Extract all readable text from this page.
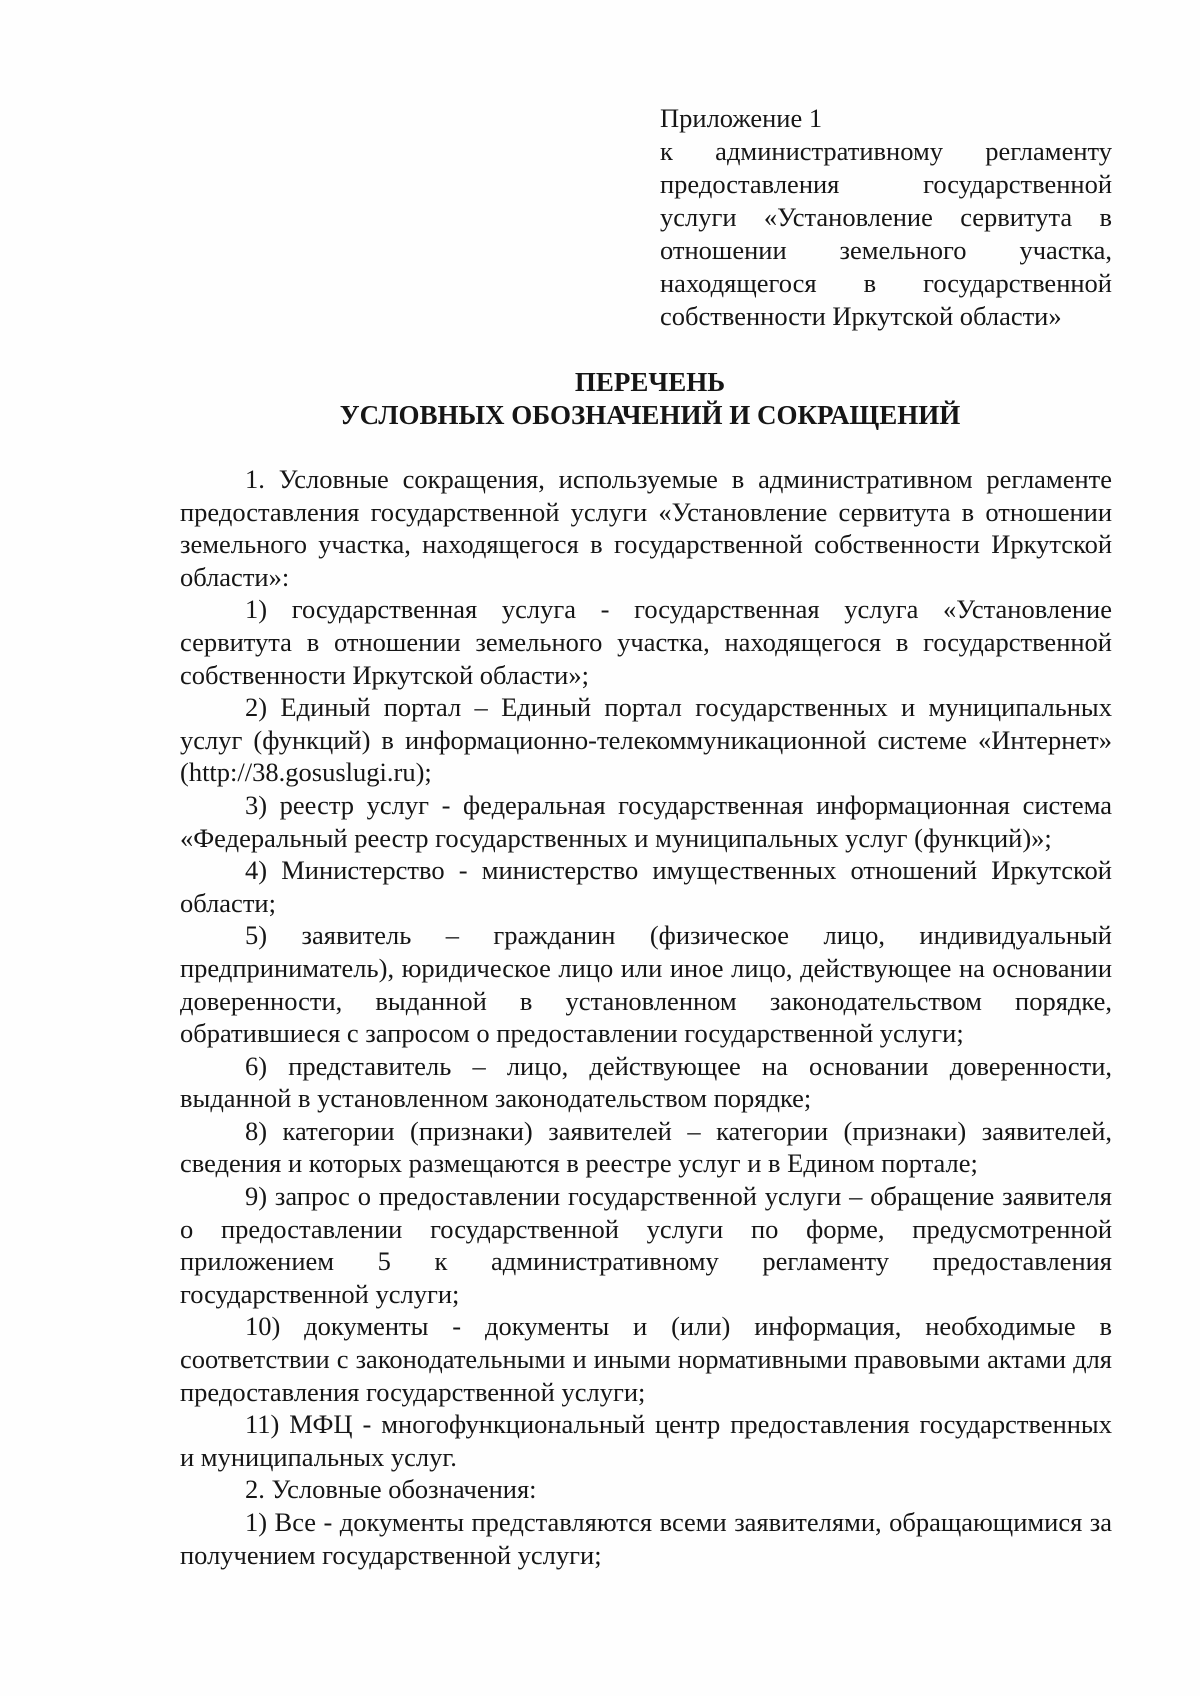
Приложение 1
к административному регламенту
предоставления государственной
услуги «Установление сервитута в
отношении земельного участка,
находящегося в государственной
собственности Иркутской области»
ПЕРЕЧЕНЬ
УСЛОВНЫХ ОБОЗНАЧЕНИЙ И СОКРАЩЕНИЙ

1. Условные сокращения, используемые в административном регламенте предоставления государственной услуги «Установление сервитута в отношении земельного участка, находящегося в государственной собственности Иркутской области»:

1) государственная услуга - государственная услуга «Установление сервитута в отношении земельного участка, находящегося в государственной собственности Иркутской области»;

2) Единый портал – Единый портал государственных и муниципальных услуг (функций) в информационно-телекоммуникационной системе «Интернет» (http://38.gosuslugi.ru);

3) реестр услуг - федеральная государственная информационная система «Федеральный реестр государственных и муниципальных услуг (функций)»;

4) Министерство - министерство имущественных отношений Иркутской области;

5) заявитель – гражданин (физическое лицо, индивидуальный предприниматель), юридическое лицо или иное лицо, действующее на основании доверенности, выданной в установленном законодательством порядке, обратившиеся с запросом о предоставлении государственной услуги;

6) представитель – лицо, действующее на основании доверенности, выданной в установленном законодательством порядке;

8) категории (признаки) заявителей – категории (признаки) заявителей, сведения и которых размещаются в реестре услуг и в Едином портале;

9) запрос о предоставлении государственной услуги – обращение заявителя о предоставлении государственной услуги по форме, предусмотренной приложением 5 к административному регламенту предоставления государственной услуги;

10) документы - документы и (или) информация, необходимые в соответствии с законодательными и иными нормативными правовыми актами для предоставления государственной услуги;

11) МФЦ - многофункциональный центр предоставления государственных и муниципальных услуг.

2. Условные обозначения:

1) Все - документы представляются всеми заявителями, обращающимися за получением государственной услуги;
